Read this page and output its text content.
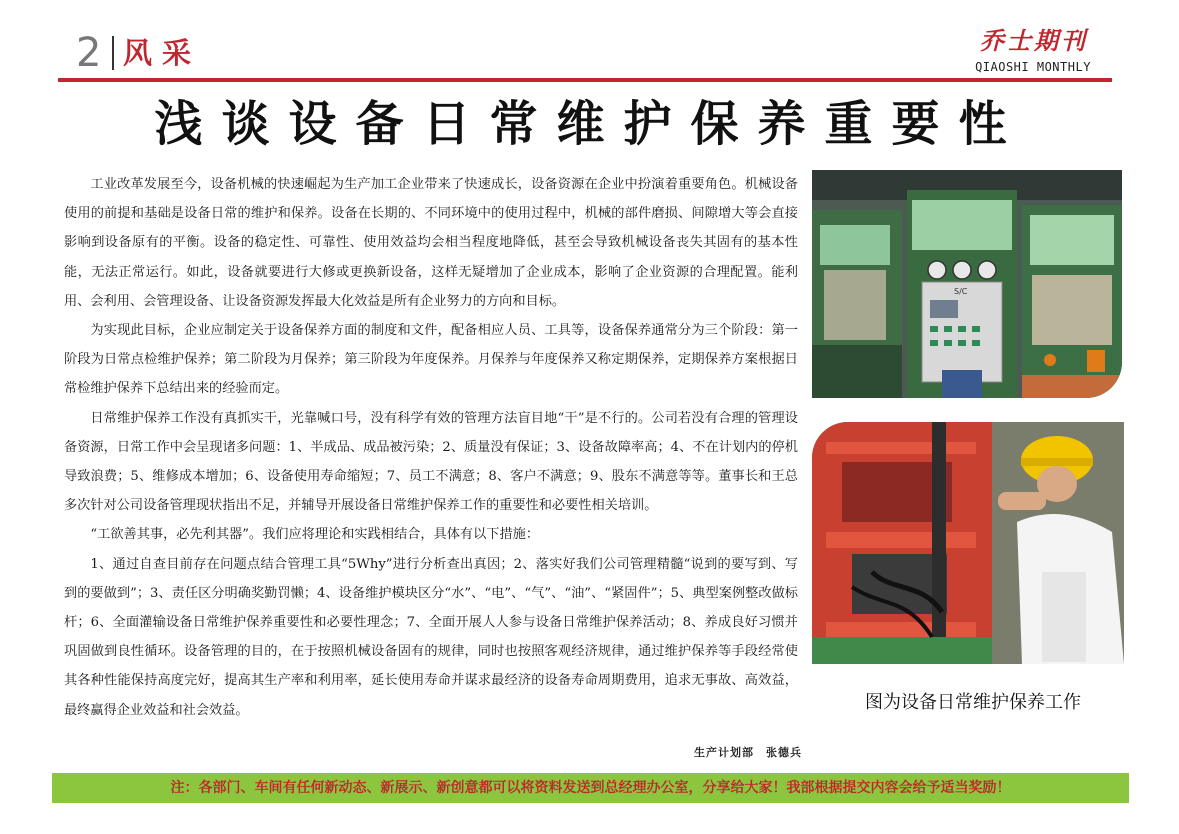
2 风采	乔士期刊
QIAOSHI MONTHLY
浅谈设备日常维护保养重要性

工业改革发展至今，设备机械的快速崛起为生产加工企业带来了快速成长，设备资源在企业中扮演着重要角色。机械设备使用的前提和基础是设备日常的维护和保养。设备在长期的、不同环境中的使用过程中，机械的部件磨损、间隙增大等会直接影响到设备原有的平衡。设备的稳定性、可靠性、使用效益均会相当程度地降低，甚至会导致机械设备丧失其固有的基本性能，无法正常运行。如此，设备就要进行大修或更换新设备，这样无疑增加了企业成本，影响了企业资源的合理配置。能利用、会利用、会管理设备、让设备资源发挥最大化效益是所有企业努力的方向和目标。

为实现此目标，企业应制定关于设备保养方面的制度和文件，配备相应人员、工具等，设备保养通常分为三个阶段：第一阶段为日常点检维护保养；第二阶段为月保养；第三阶段为年度保养。月保养与年度保养又称定期保养，定期保养方案根据日常检维护保养下总结出来的经验而定。

日常维护保养工作没有真抓实干，光靠喊口号，没有科学有效的管理方法盲目地“干”是不行的。公司若没有合理的管理设备资源，日常工作中会呈现诸多问题：1、半成品、成品被污染；2、质量没有保证；3、设备故障率高；4、不在计划内的停机导致浪费；5、维修成本增加；6、设备使用寿命缩短；7、员工不满意；8、客户不满意；9、股东不满意等等。董事长和王总多次针对公司设备管理现状指出不足，并辅导开展设备日常维护保养工作的重要性和必要性相关培训。

“工欲善其事，必先利其器”。我们应将理论和实践相结合，具体有以下措施：

1、通过自查目前存在问题点结合管理工具“5Why”进行分析查出真因；2、落实好我们公司管理精髓“说到的要写到、写到的要做到”；3、责任区分明确奖勤罚懒；4、设备维护模块区分“水”、“电”、“气”、“油”、“紧固件”；5、典型案例整改做标杆；6、全面灌输设备日常维护保养重要性和必要性理念；7、全面开展人人参与设备日常维护保养活动；8、养成良好习惯并巩固做到良性循环。设备管理的目的，在于按照机械设备固有的规律，同时也按照客观经济规律，通过维护保养等手段经常使其各种性能保持高度完好，提高其生产率和利用率，延长使用寿命并谋求最经济的设备寿命周期费用，追求无事故、高效益，最终赢得企业效益和社会效益。

生产计划部　张德兵
S/C
图为设备日常维护保养工作
注：各部门、车间有任何新动态、新展示、新创意都可以将资料发送到总经理办公室，分享给大家！我部根据提交内容会给予适当奖励！
